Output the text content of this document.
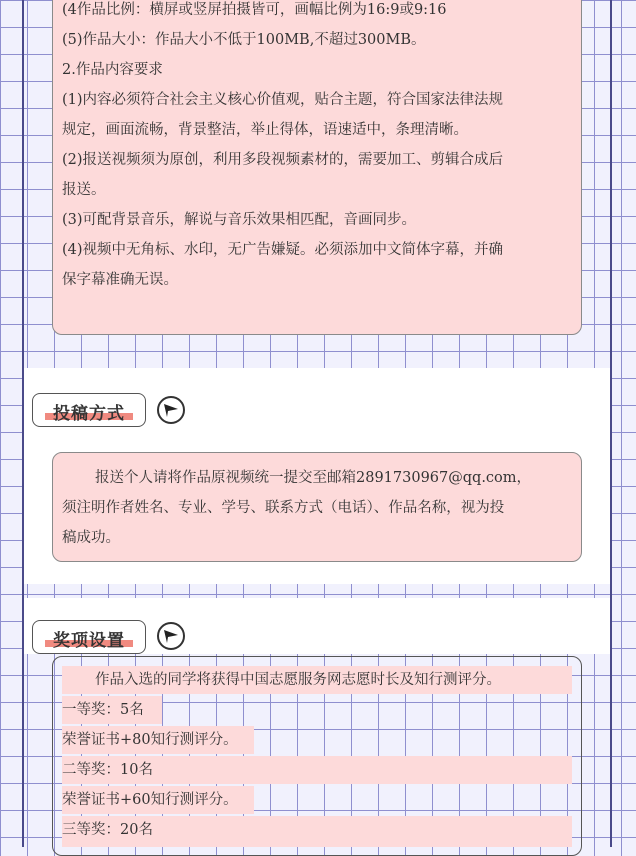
(4作品比例：横屏或竖屏拍摄皆可，画幅比例为16:9或9:16
(5)作品大小：作品大小不低于100MB,不超过300MB。
2.作品内容要求
(1)内容必须符合社会主义核心价值观，贴合主题，符合国家法律法规
规定，画面流畅，背景整洁，举止得体，语速适中，条理清晰。
(2)报送视频须为原创，利用多段视频素材的，需要加工、剪辑合成后
报送。
(3)可配背景音乐，解说与音乐效果相匹配，音画同步。
(4)视频中无角标、水印，无广告嫌疑。必须添加中文简体字幕，并确
保字幕准确无误。
投稿方式
报送个人请将作品原视频统一提交至邮箱2891730967@qq.com，
须注明作者姓名、专业、学号、联系方式（电话）、作品名称，视为投
稿成功。
奖项设置
作品入选的同学将获得中国志愿服务网志愿时长及知行测评分。
一等奖：5名
荣誉证书+80知行测评分。
二等奖：10名
荣誉证书+60知行测评分。
三等奖：20名
